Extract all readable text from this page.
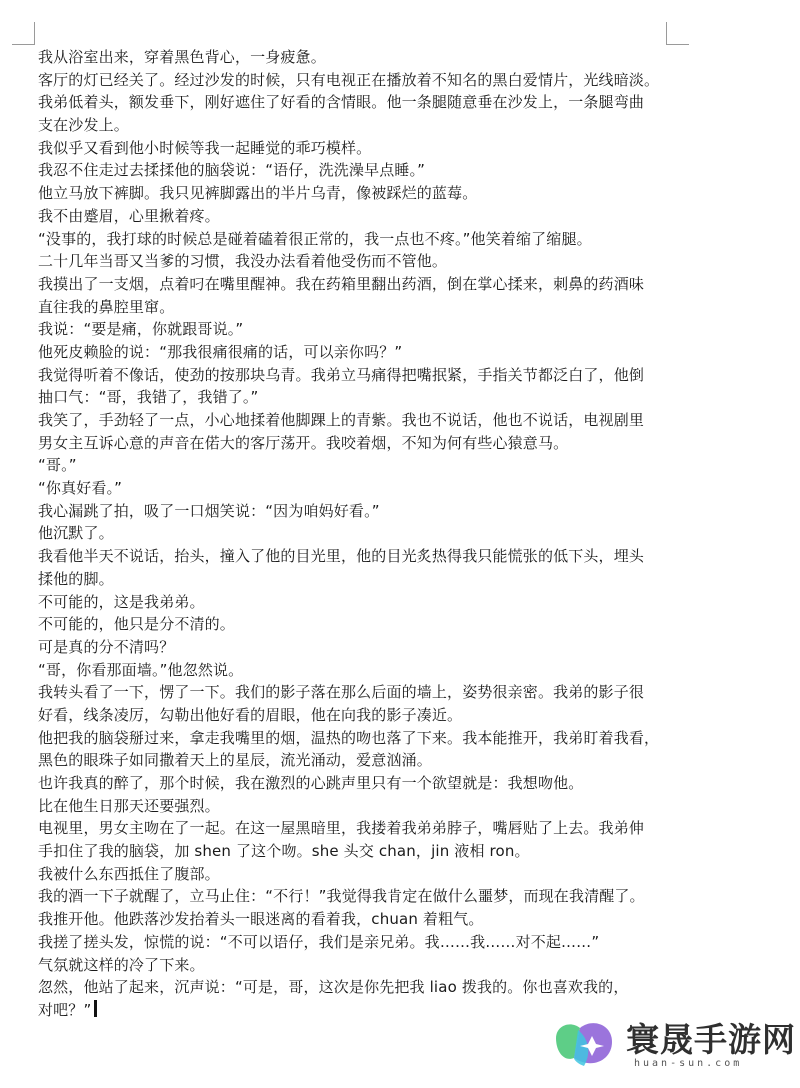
我从浴室出来，穿着黑色背心，一身疲惫。
客厅的灯已经关了。经过沙发的时候，只有电视正在播放着不知名的黑白爱情片，光线暗淡。
我弟低着头，额发垂下，刚好遮住了好看的含情眼。他一条腿随意垂在沙发上，一条腿弯曲
支在沙发上。
我似乎又看到他小时候等我一起睡觉的乖巧模样。
我忍不住走过去揉揉他的脑袋说：“语仔，洗洗澡早点睡。”
他立马放下裤脚。我只见裤脚露出的半片乌青，像被踩烂的蓝莓。
我不由蹙眉，心里揪着疼。
“没事的，我打球的时候总是碰着磕着很正常的，我一点也不疼。”他笑着缩了缩腿。
二十几年当哥又当爹的习惯，我没办法看着他受伤而不管他。
我摸出了一支烟，点着叼在嘴里醒神。我在药箱里翻出药酒，倒在掌心揉来，刺鼻的药酒味
直往我的鼻腔里窜。
我说：“要是痛，你就跟哥说。”
他死皮赖脸的说：“那我很痛很痛的话，可以亲你吗？”
我觉得听着不像话，使劲的按那块乌青。我弟立马痛得把嘴抿紧，手指关节都泛白了，他倒
抽口气：“哥，我错了，我错了。”
我笑了，手劲轻了一点，小心地揉着他脚踝上的青紫。我也不说话，他也不说话，电视剧里
男女主互诉心意的声音在偌大的客厅荡开。我咬着烟，不知为何有些心猿意马。
“哥。”
“你真好看。”
我心漏跳了拍，吸了一口烟笑说：“因为咱妈好看。”
他沉默了。
我看他半天不说话，抬头，撞入了他的目光里，他的目光炙热得我只能慌张的低下头，埋头
揉他的脚。
不可能的，这是我弟弟。
不可能的，他只是分不清的。
可是真的分不清吗？
“哥，你看那面墙。”他忽然说。
我转头看了一下，愣了一下。我们的影子落在那么后面的墙上，姿势很亲密。我弟的影子很
好看，线条凌厉，勾勒出他好看的眉眼，他在向我的影子凑近。
他把我的脑袋掰过来，拿走我嘴里的烟，温热的吻也落了下来。我本能推开，我弟盯着我看，
黑色的眼珠子如同撒着天上的星辰，流光涌动，爱意汹涌。
也许我真的醉了，那个时候，我在激烈的心跳声里只有一个欲望就是：我想吻他。
比在他生日那天还要强烈。
电视里，男女主吻在了一起。在这一屋黑暗里，我搂着我弟弟脖子，嘴唇贴了上去。我弟伸
手扣住了我的脑袋，加 shen 了这个吻。she 头交 chan，jin 液相 ron。
我被什么东西抵住了腹部。
我的酒一下子就醒了，立马止住：“不行！”我觉得我肯定在做什么噩梦，而现在我清醒了。
我推开他。他跌落沙发抬着头一眼迷离的看着我，chuan 着粗气。
我搓了搓头发，惊慌的说：“不可以语仔，我们是亲兄弟。我……我……对不起……”
气氛就这样的冷了下来。
忽然，他站了起来，沉声说：“可是，哥，这次是你先把我 liao 拨我的。你也喜欢我的，
对吧？”
寰晟手游网
huan-sun.com
